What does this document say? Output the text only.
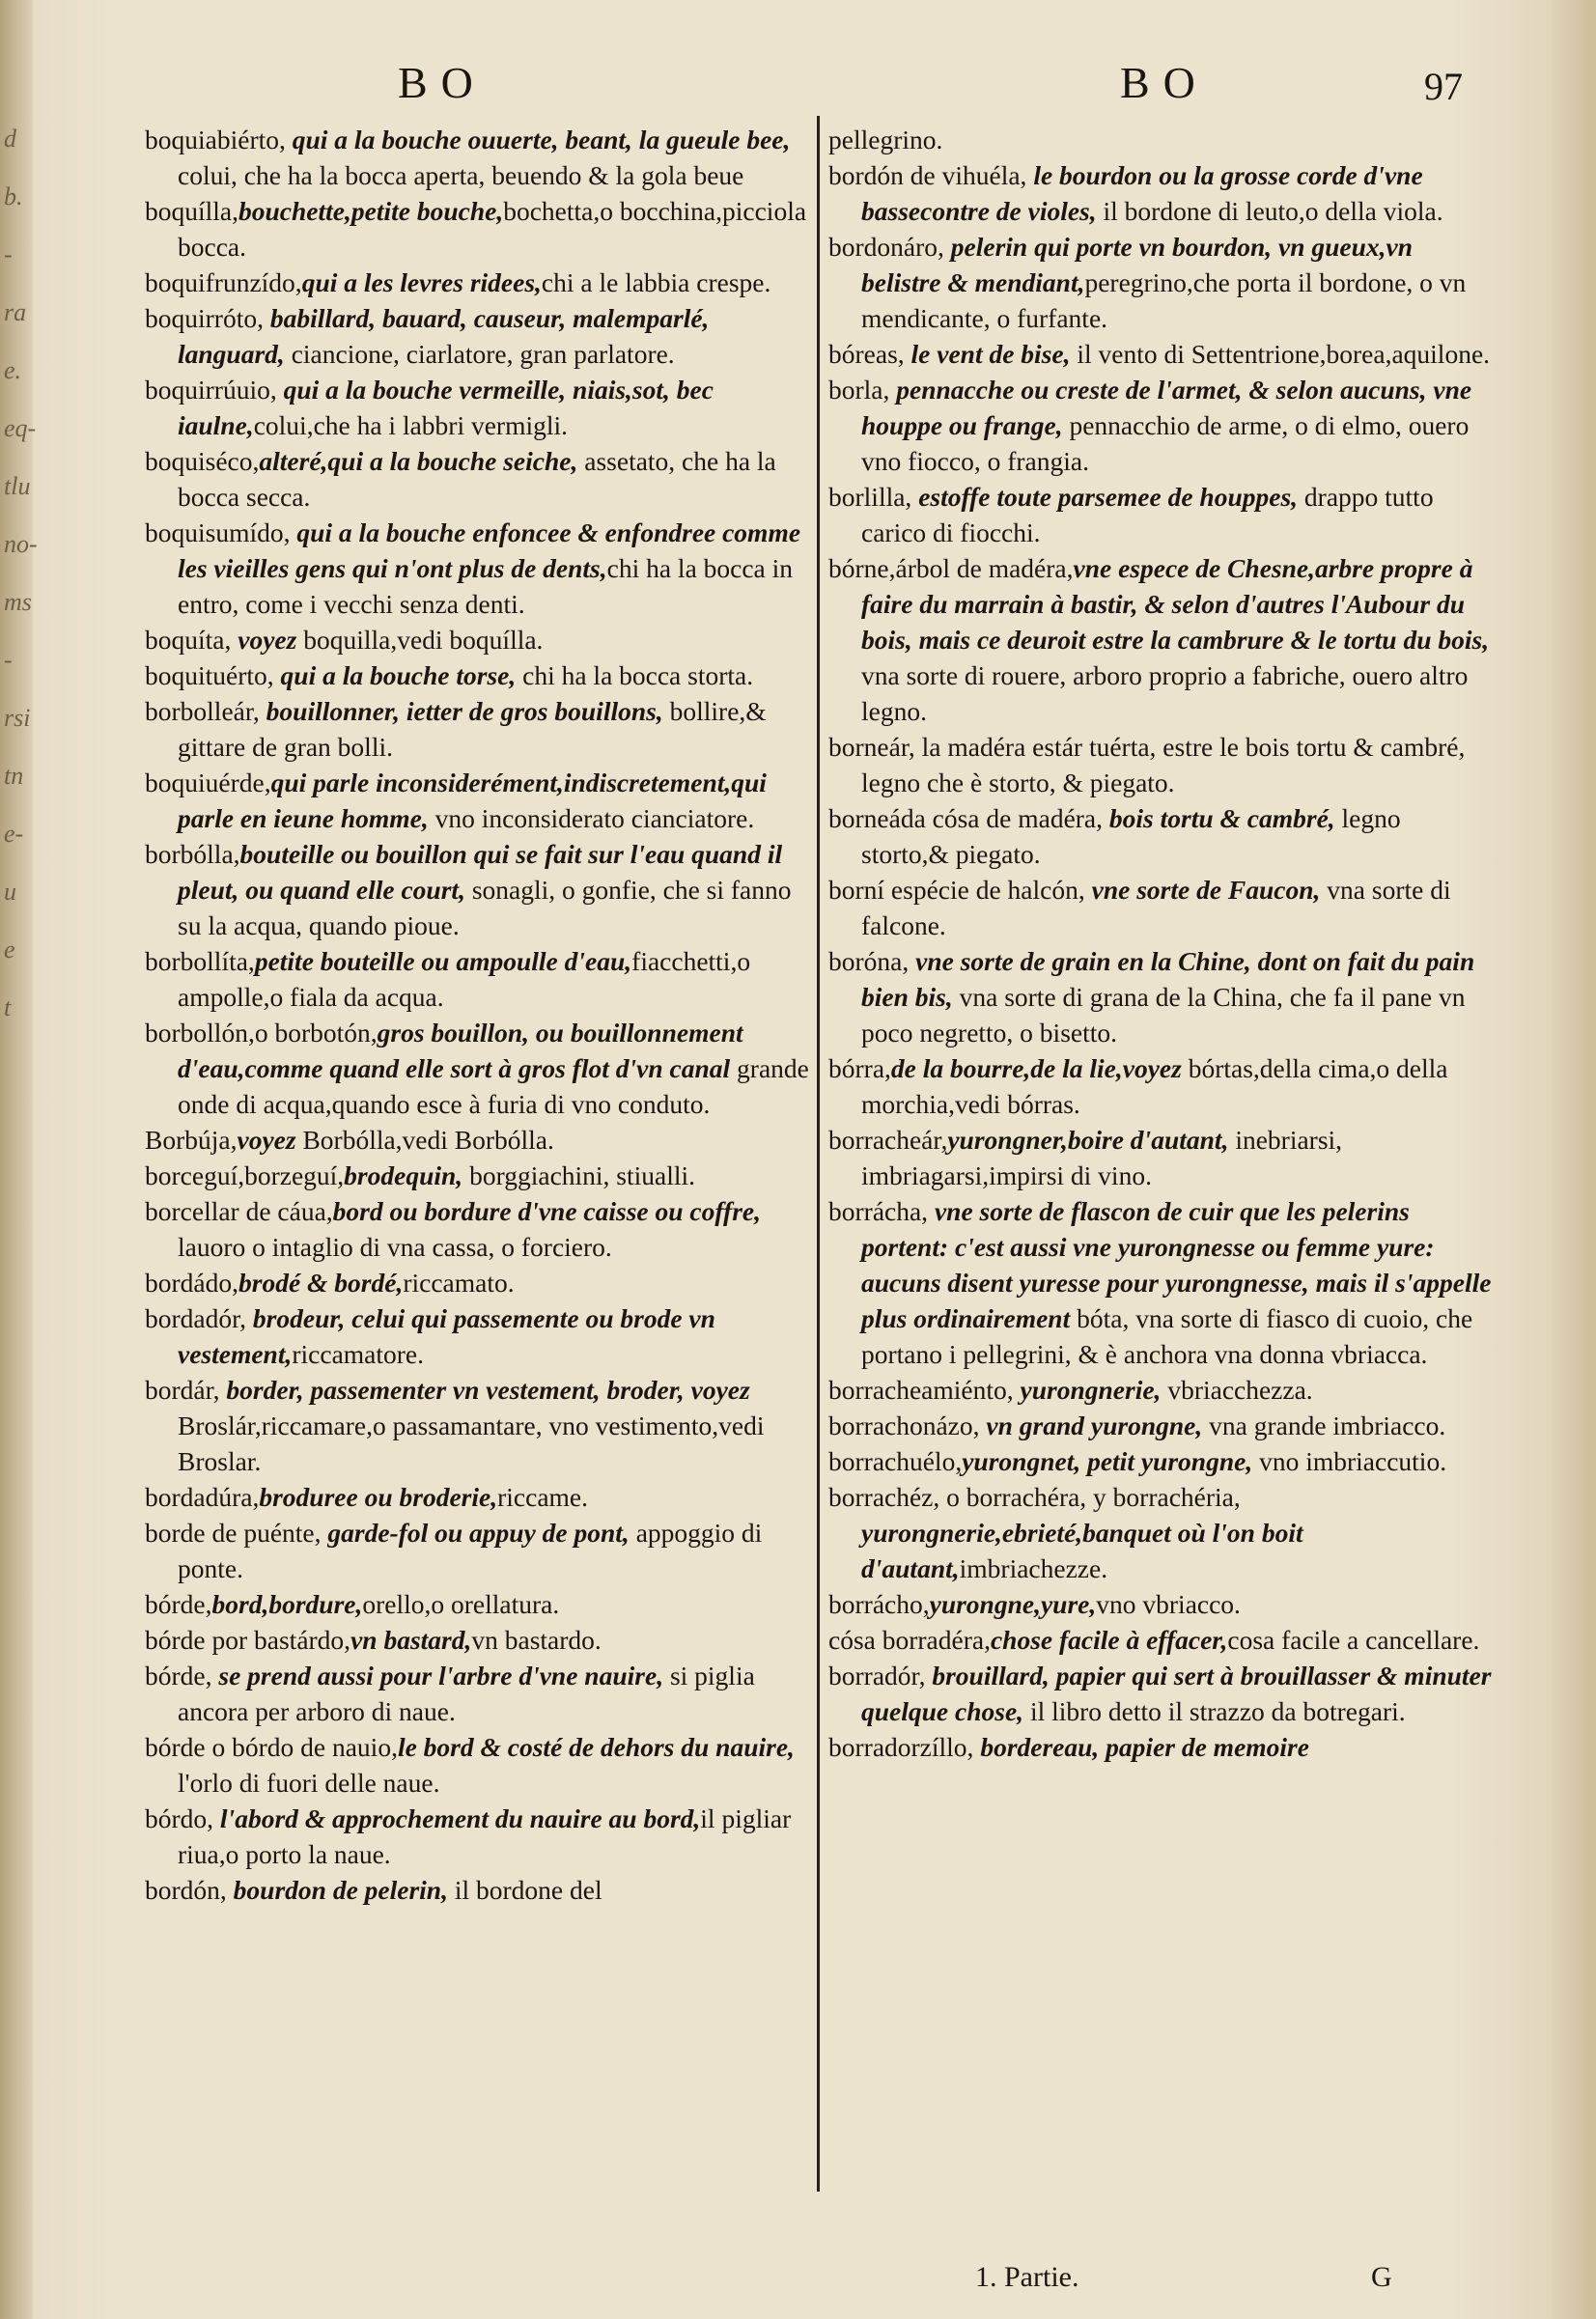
d
b.
-
ra
e.
eq-
tlu
no-
ms
-
rsi
tn
e-
u
e
t
BO	BO	97

boquiabiérto, qui a la bouche ouuerte, beant, la gueule bee, colui, che ha la bocca aperta, beuendo & la gola beue

boquílla,bouchette,petite bouche,bochetta,o bocchina,picciola bocca.

boquifrunzído,qui a les levres ridees,chi a le labbia crespe.

boquirróto, babillard, bauard, causeur, malemparlé, languard, ciancione, ciarlatore, gran parlatore.

boquirrúuio, qui a la bouche vermeille, niais,sot, bec iaulne,colui,che ha i labbri vermigli.

boquiséco,alteré,qui a la bouche seiche, assetato, che ha la bocca secca.

boquisumído, qui a la bouche enfoncee & enfondree comme les vieilles gens qui n'ont plus de dents,chi ha la bocca in entro, come i vecchi senza denti.

boquíta, voyez boquilla,vedi boquílla.

boquituérto, qui a la bouche torse, chi ha la bocca storta.

borbolleár, bouillonner, ietter de gros bouillons, bollire,& gittare de gran bolli.

boquiuérde,qui parle inconsiderément,indiscretement,qui parle en ieune homme, vno inconsiderato cianciatore.

borbólla,bouteille ou bouillon qui se fait sur l'eau quand il pleut, ou quand elle court, sonagli, o gonfie, che si fanno su la acqua, quando pioue.

borbollíta,petite bouteille ou ampoulle d'eau,fiacchetti,o ampolle,o fiala da acqua.

borbollón,o borbotón,gros bouillon, ou bouillonnement d'eau,comme quand elle sort à gros flot d'vn canal grande onde di acqua,quando esce à furia di vno conduto.

Borbúja,voyez Borbólla,vedi Borbólla.

borceguí,borzeguí,brodequin, borggiachini, stiualli.

borcellar de cáua,bord ou bordure d'vne caisse ou coffre, lauoro o intaglio di vna cassa, o forciero.

bordádo,brodé & bordé,riccamato.

bordadór, brodeur, celui qui passemente ou brode vn vestement,riccamatore.

bordár, border, passementer vn vestement, broder, voyez Broslár,riccamare,o passamantare, vno vestimento,vedi Broslar.

bordadúra,broduree ou broderie,riccame.

borde de puénte, garde-fol ou appuy de pont, appoggio di ponte.

bórde,bord,bordure,orello,o orellatura.

bórde por bastárdo,vn bastard,vn bastardo.

bórde, se prend aussi pour l'arbre d'vne nauire, si piglia ancora per arboro di naue.

bórde o bórdo de nauio,le bord & costé de dehors du nauire, l'orlo di fuori delle naue.

bórdo, l'abord & approchement du nauire au bord,il pigliar riua,o porto la naue.

bordón, bourdon de pelerin, il bordone del

pellegrino.

bordón de vihuéla, le bourdon ou la grosse corde d'vne bassecontre de violes, il bordone di leuto,o della viola.

bordonáro, pelerin qui porte vn bourdon, vn gueux,vn belistre & mendiant,peregrino,che porta il bordone, o vn mendicante, o furfante.

bóreas, le vent de bise, il vento di Settentrione,borea,aquilone.

borla, pennacche ou creste de l'armet, & selon aucuns, vne houppe ou frange, pennacchio de arme, o di elmo, ouero vno fiocco, o frangia.

borlilla, estoffe toute parsemee de houppes, drappo tutto carico di fiocchi.

bórne,árbol de madéra,vne espece de Chesne,arbre propre à faire du marrain à bastir, & selon d'autres l'Aubour du bois, mais ce deuroit estre la cambrure & le tortu du bois, vna sorte di rouere, arboro proprio a fabriche, ouero altro legno.

borneár, la madéra estár tuérta, estre le bois tortu & cambré, legno che è storto, & piegato.

borneáda cósa de madéra, bois tortu & cambré, legno storto,& piegato.

borní espécie de halcón, vne sorte de Faucon, vna sorte di falcone.

boróna, vne sorte de grain en la Chine, dont on fait du pain bien bis, vna sorte di grana de la China, che fa il pane vn poco negretto, o bisetto.

bórra,de la bourre,de la lie,voyez bórtas,della cima,o della morchia,vedi bórras.

borracheár,yurongner,boire d'autant, inebriarsi, imbriagarsi,impirsi di vino.

borrácha, vne sorte de flascon de cuir que les pelerins portent: c'est aussi vne yurongnesse ou femme yure: aucuns disent yuresse pour yurongnesse, mais il s'appelle plus ordinairement bóta, vna sorte di fiasco di cuoio, che portano i pellegrini, & è anchora vna donna vbriacca.

borracheamiénto, yurongnerie, vbriacchezza.

borrachonázo, vn grand yurongne, vna grande imbriacco.

borrachuélo,yurongnet, petit yurongne, vno imbriaccutio.

borrachéz, o borrachéra, y borrachéria, yurongnerie,ebrieté,banquet où l'on boit d'autant,imbriachezze.

borrácho,yurongne,yure,vno vbriacco.

cósa borradéra,chose facile à effacer,cosa facile a cancellare.

borradór, brouillard, papier qui sert à brouillasser & minuter quelque chose, il libro detto il strazzo da botregari.

borradorzíllo, bordereau, papier de memoire

1. Partie.	G
